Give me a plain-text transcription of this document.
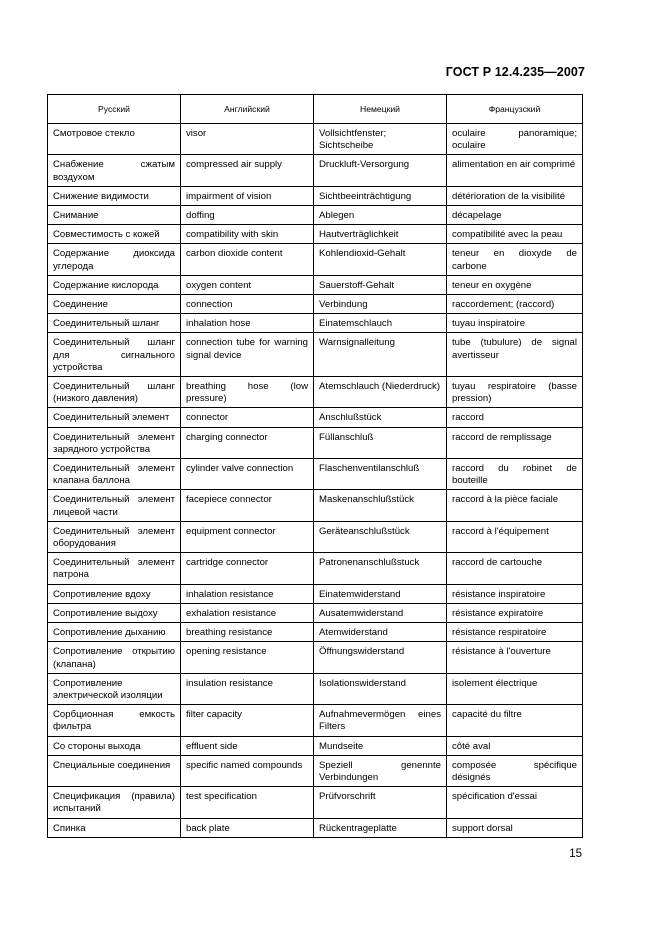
ГОСТ Р 12.4.235—2007
Русский	Английский	Немецкий	Французский
Смотровое стекло	visor	Vollsichtfenster; Sichtscheibe	oculaire panoramique; oculaire
Снабжение сжатым воздухом	compressed air supply	Druckluft-Versorgung	alimentation en air comprimé
Снижение видимости	impairment of vision	Sichtbeeinträchtigung	détérioration de la visibilité
Снимание	doffing	Ablegen	décapelage
Совместимость с кожей	compatibility with skin	Hautverträglichkeit	compatibilité avec la peau
Содержание диоксида углерода	carbon dioxide content	Kohlendioxid-Gehalt	teneur en dioxyde de carbone
Содержание кислорода	oxygen content	Sauerstoff-Gehalt	teneur en oxygène
Соединение	connection	Verbindung	raccordement; (raccord)
Соединительный шланг	inhalation hose	Einatemschlauch	tuyau inspiratoire
Соединительный шланг для сигнального устройства	connection tube for warning signal device	Warnsignalleitung	tube (tubulure) de signal avertisseur
Соединительный шланг (низкого давления)	breathing hose (low pressure)	Atemschlauch (Niederdruck)	tuyau respiratoire (basse pression)
Соединительный элемент	connector	Anschlußstück	raccord
Соединительный элемент зарядного устройства	charging connector	Füllanschluß	raccord de remplissage
Соединительный элемент клапана баллона	cylinder valve connection	Flaschenventilanschluß	raccord du robinet de bouteille
Соединительный элемент лицевой части	facepiece connector	Maskenanschlußstück	raccord à la pièce faciale
Соединительный элемент оборудования	equipment connector	Geräteanschlußstück	raccord à l'équipement
Соединительный элемент патрона	cartridge connector	Patronenanschlußstuck	raccord de cartouche
Сопротивление вдоху	inhalation resistance	Einatemwiderstand	résistance inspiratoire
Сопротивление выдоху	exhalation resistance	Ausatemwiderstand	résistance expiratoire
Сопротивление дыханию	breathing resistance	Atemwiderstand	résistance respiratoire
Сопротивление открытию (клапана)	opening resistance	Öffnungswiderstand	résistance à l'ouverture
Сопротивление электрической изоляции	insulation resistance	Isolationswiderstand	isolement électrique
Сорбционная емкость фильтра	filter capacity	Aufnahmevermögen eines Filters	capacité du filtre
Со стороны выхода	effluent side	Mundseite	côté aval
Специальные соединения	specific named compounds	Speziell genennte Verbindungen	composée spécifique désignés
Спецификация (правила) испытаний	test specification	Prüfvorschrift	spécification d'essai
Спинка	back plate	Rückentrageplatte	support dorsal
15
